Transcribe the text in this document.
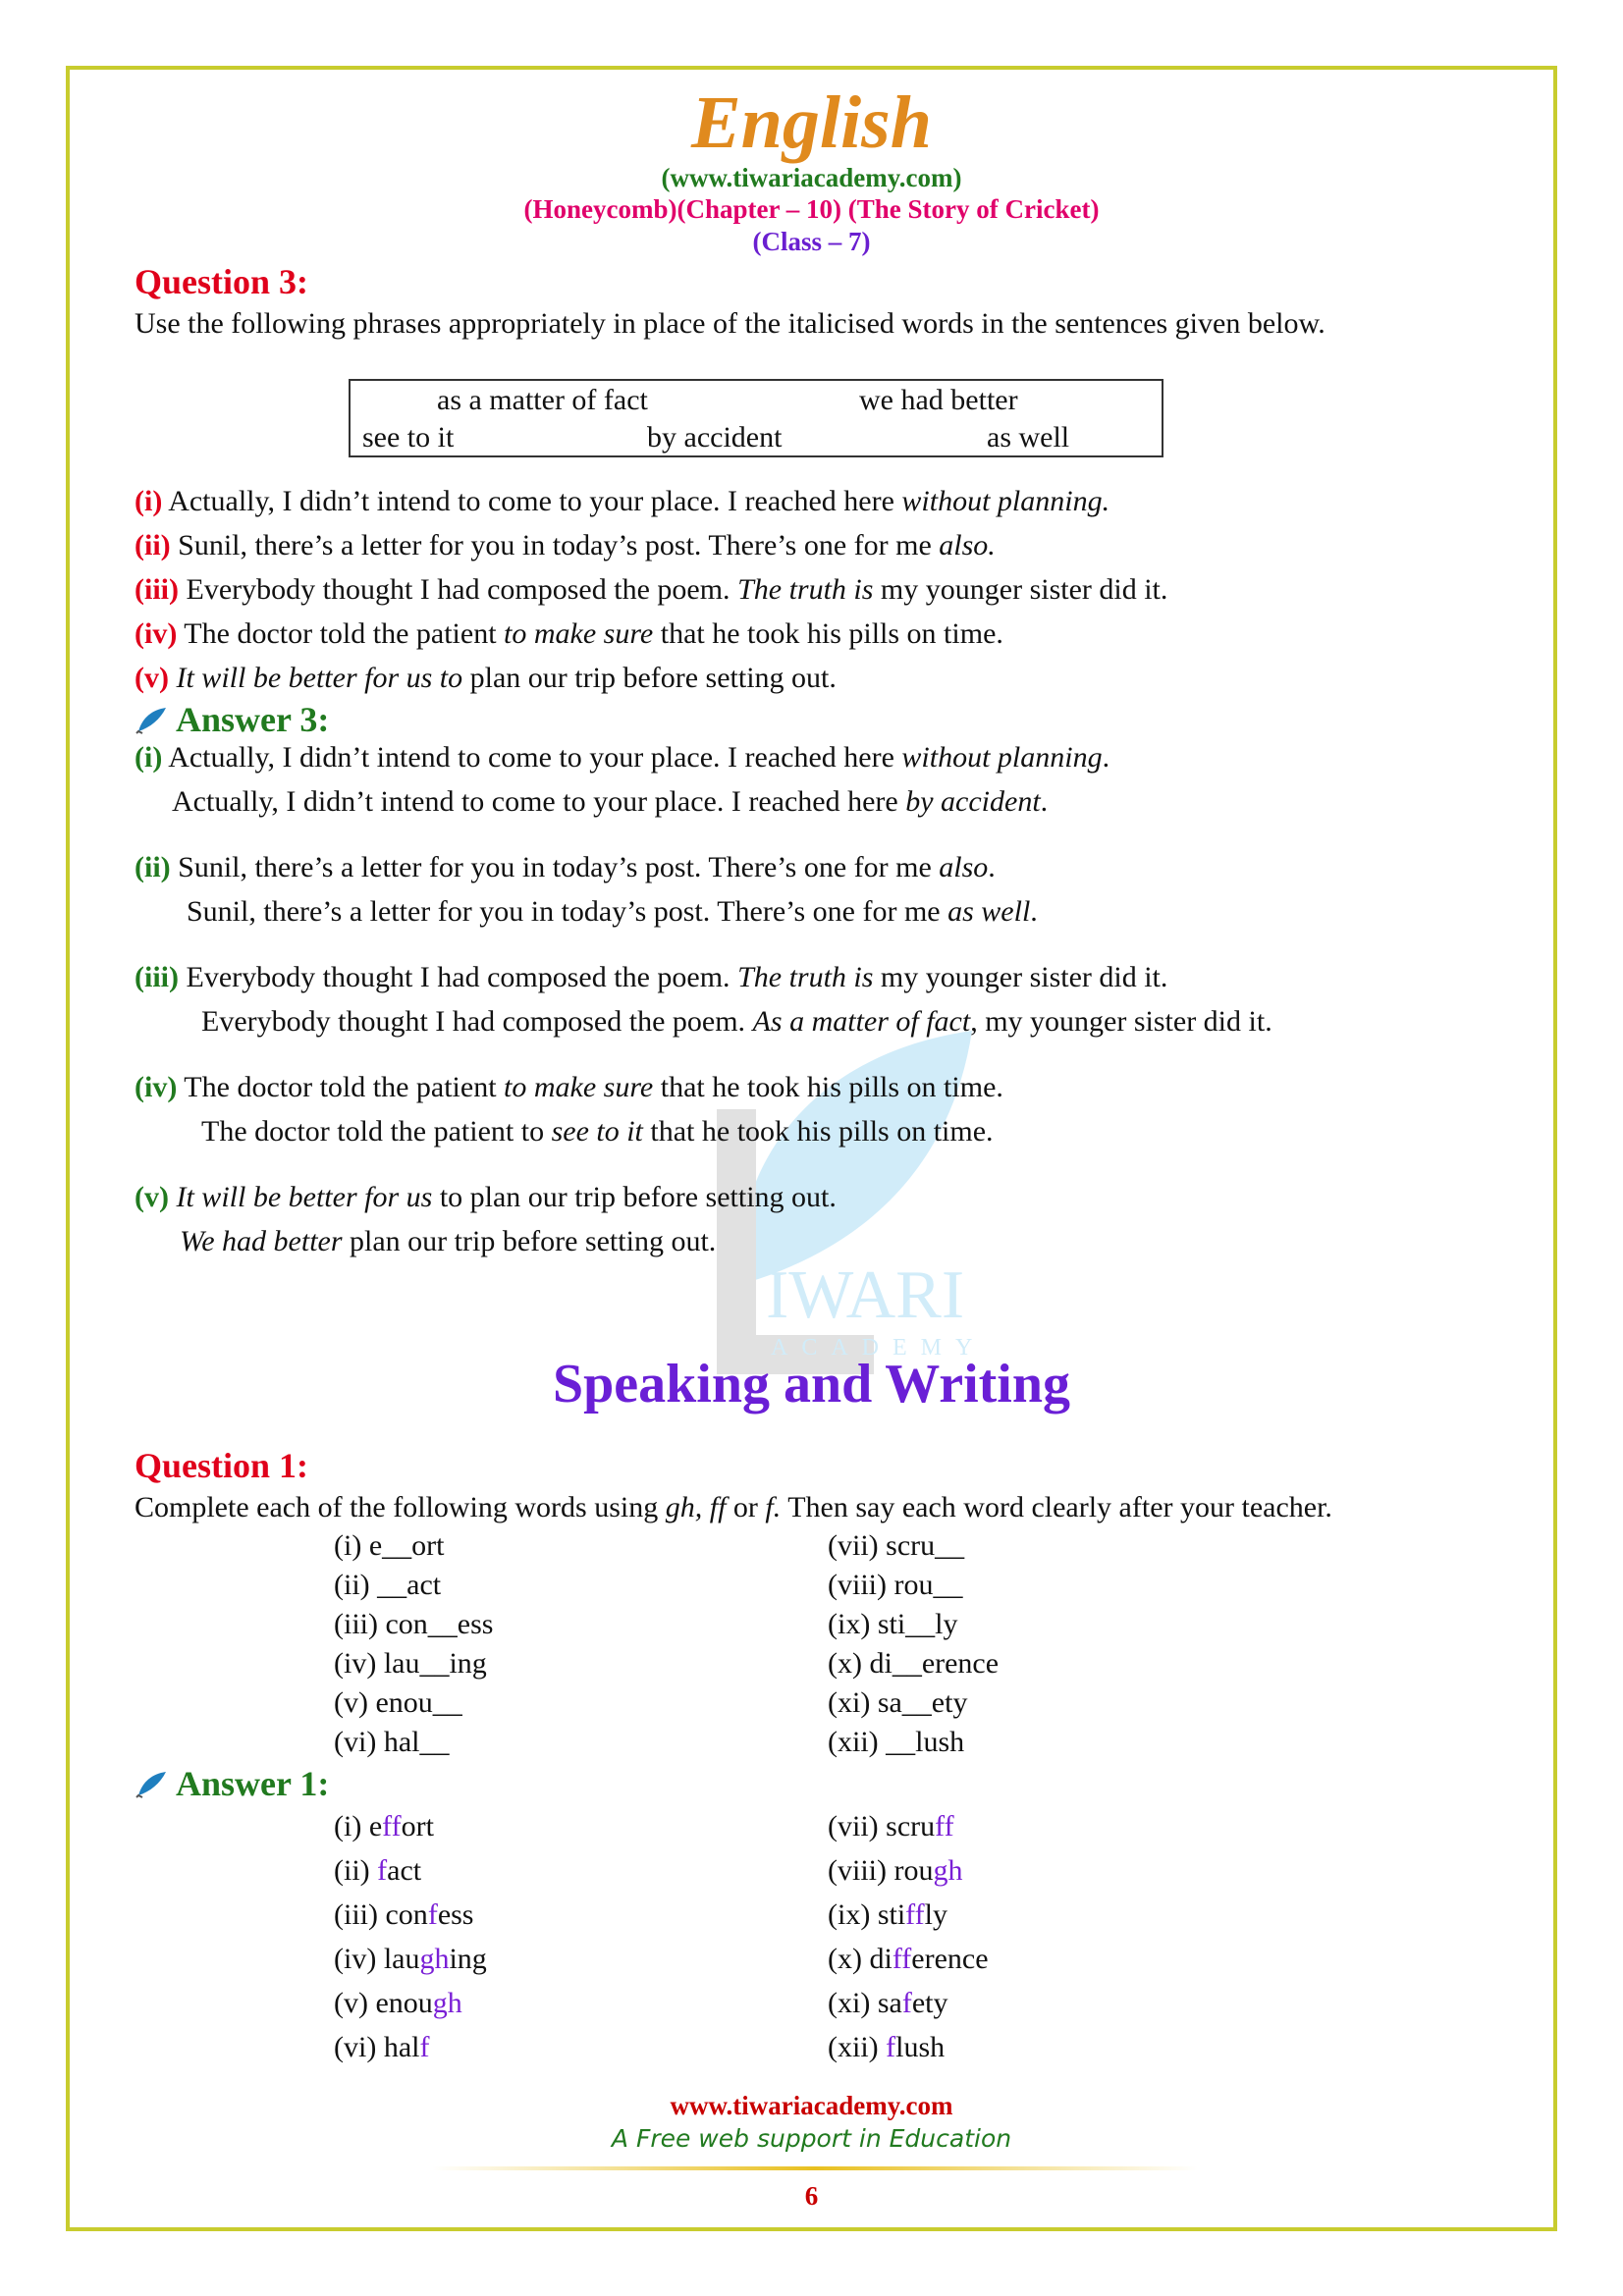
IWARI
ACADEMY
English
(www.tiwariacademy.com)
(Honeycomb)(Chapter – 10) (The Story of Cricket)
(Class – 7)
Question 3:
Use the following phrases appropriately in place of the italicised words in the sentences given below.
as a matter of fact	we had better
see to it	by accident	as well
(i) Actually, I didn’t intend to come to your place. I reached here without planning.
(ii) Sunil, there’s a letter for you in today’s post. There’s one for me also.
(iii) Everybody thought I had composed the poem. The truth is my younger sister did it.
(iv) The doctor told the patient to make sure that he took his pills on time.
(v) It will be better for us to plan our trip before setting out.
Answer 3:
(i) Actually, I didn’t intend to come to your place. I reached here without planning.
Actually, I didn’t intend to come to your place. I reached here by accident.
(ii) Sunil, there’s a letter for you in today’s post. There’s one for me also.
Sunil, there’s a letter for you in today’s post. There’s one for me as well.
(iii) Everybody thought I had composed the poem. The truth is my younger sister did it.
Everybody thought I had composed the poem. As a matter of fact, my younger sister did it.
(iv) The doctor told the patient to make sure that he took his pills on time.
The doctor told the patient to see to it that he took his pills on time.
(v) It will be better for us to plan our trip before setting out.
We had better plan our trip before setting out.
Speaking and Writing
Question 1:
Complete each of the following words using gh, ff or f. Then say each word clearly after your teacher.
(i) e__ort
(ii) __act
(iii) con__ess
(iv) lau__ing
(v) enou__
(vi) hal__
(vii) scru__
(viii) rou__
(ix) sti__ly
(x) di__erence
(xi) sa__ety
(xii) __lush
Answer 1:
(i) effort
(ii) fact
(iii) confess
(iv) laughing
(v) enough
(vi) half
(vii) scruff
(viii) rough
(ix) stiffly
(x) difference
(xi) safety
(xii) flush
www.tiwariacademy.com
A Free web support in Education
6
